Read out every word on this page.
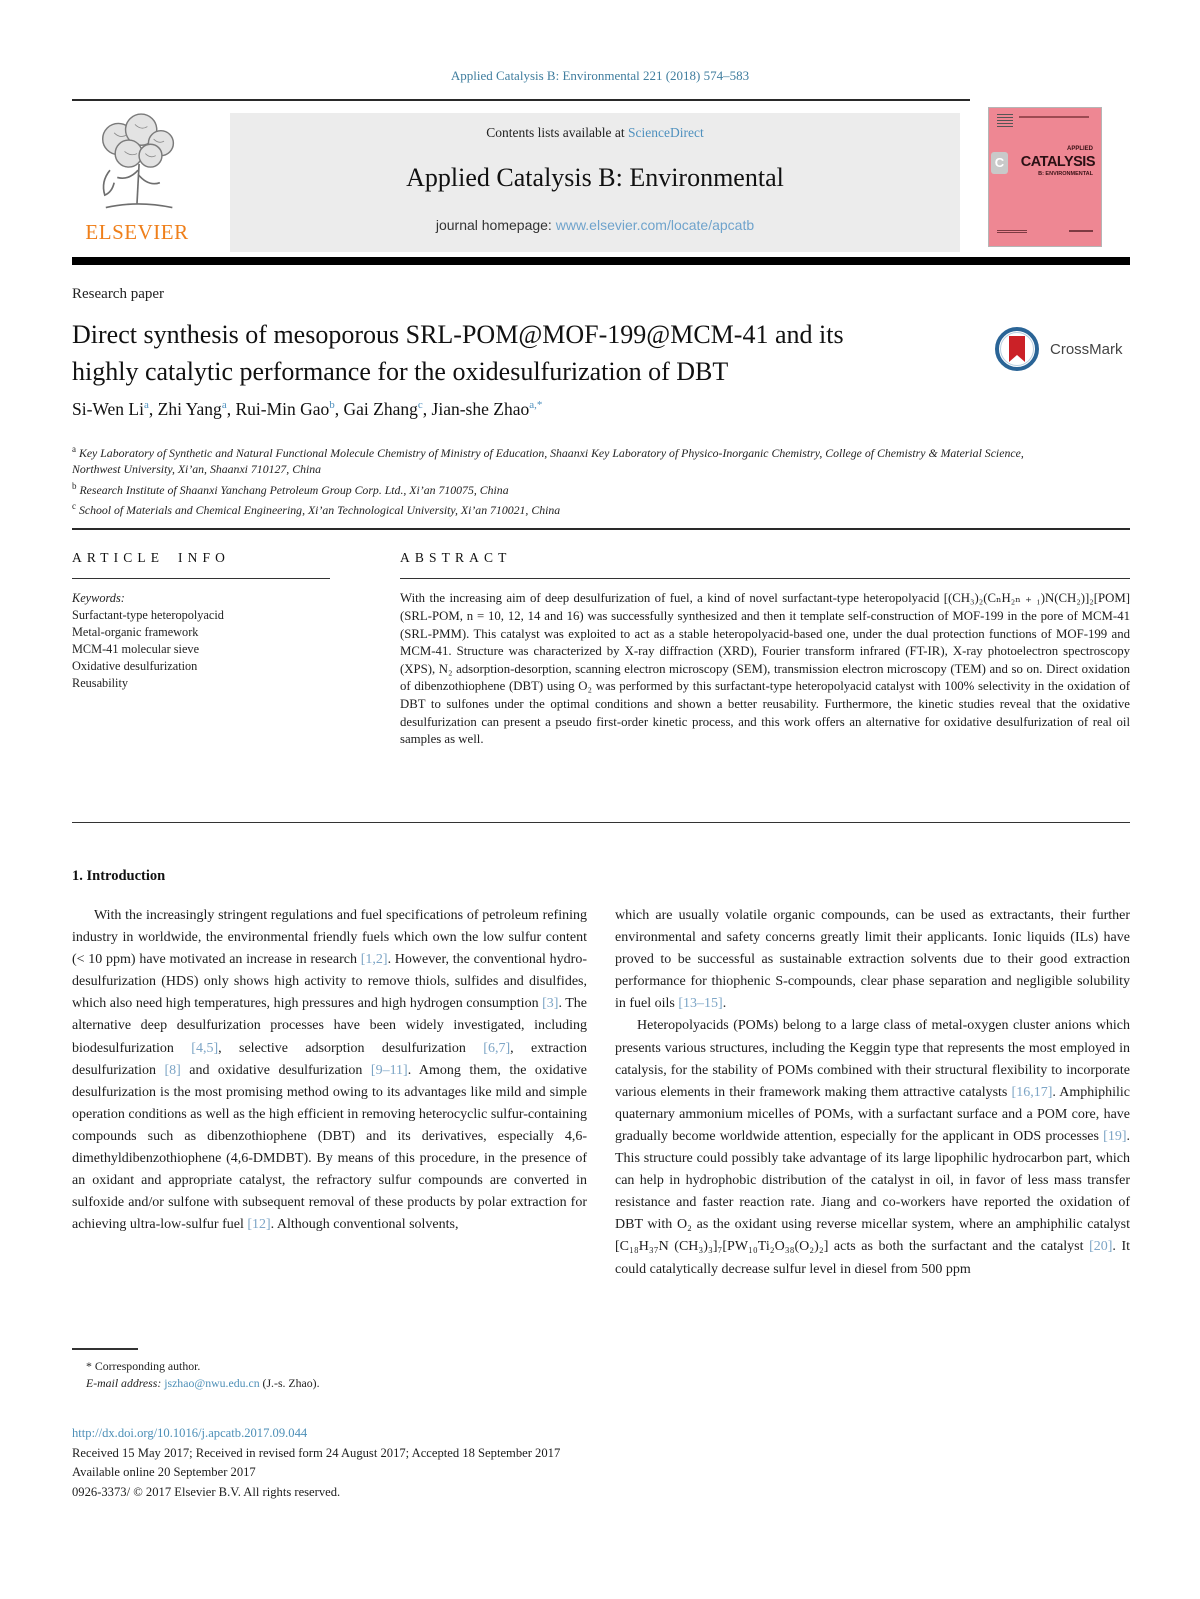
Applied Catalysis B: Environmental 221 (2018) 574–583
ELSEVIER
Contents lists available at ScienceDirect
Applied Catalysis B: Environmental
journal homepage: www.elsevier.com/locate/apcatb
APPLIED
CATALYSIS
B: ENVIRONMENTAL
C
Research paper
Direct synthesis of mesoporous SRL-POM@MOF-199@MCM-41 and its
highly catalytic performance for the oxidesulfurization of DBT
CrossMark
Si-Wen Li$^a$, Zhi Yang$^a$, Rui-Min Gao$^b$, Gai Zhang$^c$, Jian-she Zhao$^{a,*}$
$^a$ Key Laboratory of Synthetic and Natural Functional Molecule Chemistry of Ministry of Education, Shaanxi Key Laboratory of Physico-Inorganic Chemistry, College of Chemistry & Material Science, Northwest University, Xi’an, Shaanxi 710127, China
$^b$ Research Institute of Shaanxi Yanchang Petroleum Group Corp. Ltd., Xi’an 710075, China
$^c$ School of Materials and Chemical Engineering, Xi’an Technological University, Xi’an 710021, China
ARTICLE INFO
Keywords:
Surfactant-type heteropolyacid
Metal-organic framework
MCM-41 molecular sieve
Oxidative desulfurization
Reusability
ABSTRACT
With the increasing aim of deep desulfurization of fuel, a kind of novel surfactant-type heteropolyacid [(CH₃)₂(CₙH₂ₙ ₊ ₁)N(CH₂)]₂[POM] (SRL-POM, n = 10, 12, 14 and 16) was successfully synthesized and then it template self-construction of MOF-199 in the pore of MCM-41 (SRL-PMM). This catalyst was exploited to act as a stable heteropolyacid-based one, under the dual protection functions of MOF-199 and MCM-41. Structure was characterized by X-ray diffraction (XRD), Fourier transform infrared (FT-IR), X-ray photoelectron spectroscopy (XPS), N₂ adsorption-desorption, scanning electron microscopy (SEM), transmission electron microscopy (TEM) and so on. Direct oxidation of dibenzothiophene (DBT) using O₂ was performed by this surfactant-type heteropolyacid catalyst with 100% selectivity in the oxidation of DBT to sulfones under the optimal conditions and shown a better reusability. Furthermore, the kinetic studies reveal that the oxidative desulfurization can present a pseudo first-order kinetic process, and this work offers an alternative for oxidative desulfurization of real oil samples as well.
1. Introduction

With the increasingly stringent regulations and fuel specifications of petroleum refining industry in worldwide, the environmental friendly fuels which own the low sulfur content (< 10 ppm) have motivated an increase in research [1,2]. However, the conventional hydro-desulfurization (HDS) only shows high activity to remove thiols, sulfides and disulfides, which also need high temperatures, high pressures and high hydrogen consumption [3]. The alternative deep desulfurization processes have been widely investigated, including biodesulfurization [4,5], selective adsorption desulfurization [6,7], extraction desulfurization [8] and oxidative desulfurization [9–11]. Among them, the oxidative desulfurization is the most promising method owing to its advantages like mild and simple operation conditions as well as the high efficient in removing heterocyclic sulfur-containing compounds such as dibenzothiophene (DBT) and its derivatives, especially 4,6-dimethyldibenzothiophene (4,6-DMDBT). By means of this procedure, in the presence of an oxidant and appropriate catalyst, the refractory sulfur compounds are converted in sulfoxide and/or sulfone with subsequent removal of these products by polar extraction for achieving ultra-low-sulfur fuel [12]. Although conventional solvents,

which are usually volatile organic compounds, can be used as extractants, their further environmental and safety concerns greatly limit their applicants. Ionic liquids (ILs) have proved to be successful as sustainable extraction solvents due to their good extraction performance for thiophenic S-compounds, clear phase separation and negligible solubility in fuel oils [13–15].

Heteropolyacids (POMs) belong to a large class of metal-oxygen cluster anions which presents various structures, including the Keggin type that represents the most employed in catalysis, for the stability of POMs combined with their structural flexibility to incorporate various elements in their framework making them attractive catalysts [16,17]. Amphiphilic quaternary ammonium micelles of POMs, with a surfactant surface and a POM core, have gradually become worldwide attention, especially for the applicant in ODS processes [19]. This structure could possibly take advantage of its large lipophilic hydrocarbon part, which can help in hydrophobic distribution of the catalyst in oil, in favor of less mass transfer resistance and faster reaction rate. Jiang and co-workers have reported the oxidation of DBT with O₂ as the oxidant using reverse micellar system, where an amphiphilic catalyst [C₁₈H₃₇N (CH₃)₃]₇[PW₁₀Ti₂O₃₈(O₂)₂] acts as both the surfactant and the catalyst [20]. It could catalytically decrease sulfur level in diesel from 500 ppm

* Corresponding author.
E-mail address: jszhao@nwu.edu.cn (J.-s. Zhao).
http://dx.doi.org/10.1016/j.apcatb.2017.09.044
Received 15 May 2017; Received in revised form 24 August 2017; Accepted 18 September 2017
Available online 20 September 2017
0926-3373/ © 2017 Elsevier B.V. All rights reserved.
